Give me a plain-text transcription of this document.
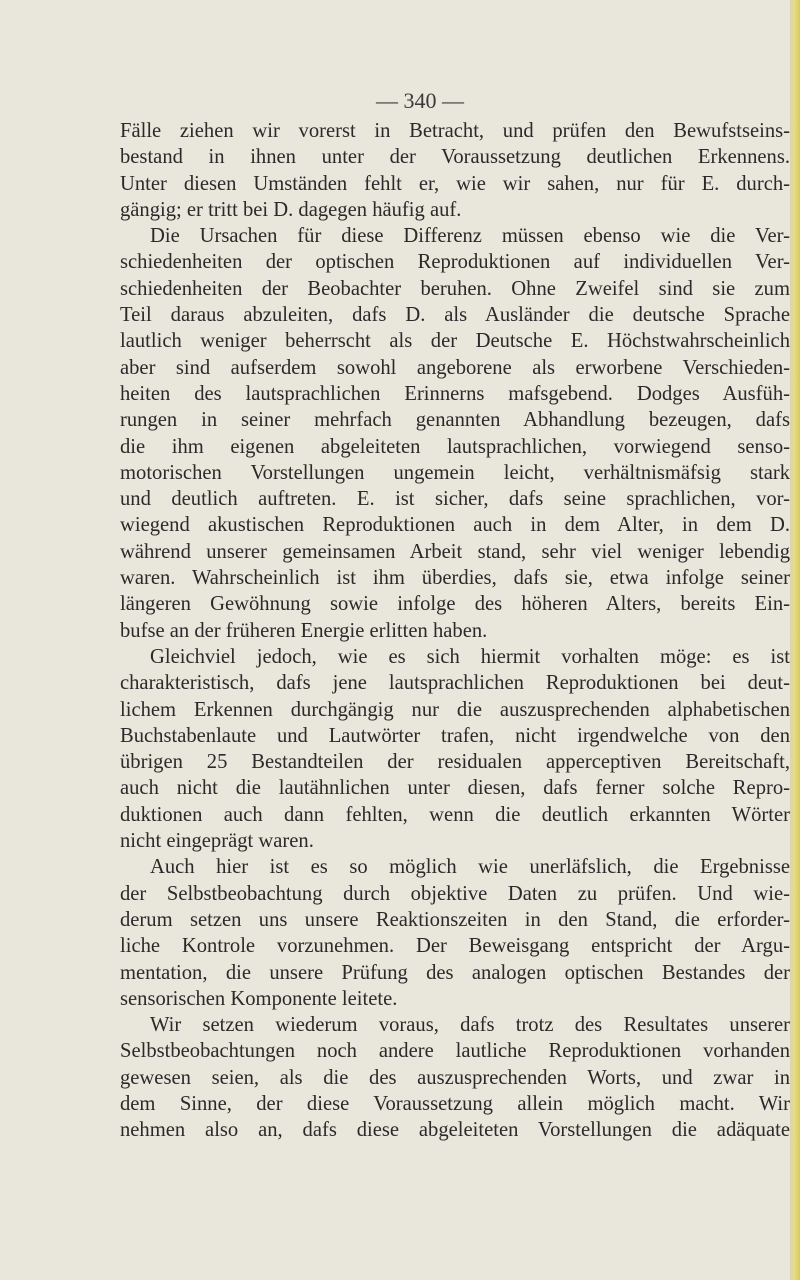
— 340 —
Fälle ziehen wir vorerst in Betracht, und prüfen den Bewufstseins-
bestand in ihnen unter der Voraussetzung deutlichen Erkennens.
Unter diesen Umständen fehlt er, wie wir sahen, nur für E. durch-
gängig; er tritt bei D. dagegen häufig auf.
Die Ursachen für diese Differenz müssen ebenso wie die Ver-
schiedenheiten der optischen Reproduktionen auf individuellen Ver-
schiedenheiten der Beobachter beruhen. Ohne Zweifel sind sie zum
Teil daraus abzuleiten, dafs D. als Ausländer die deutsche Sprache
lautlich weniger beherrscht als der Deutsche E. Höchstwahrscheinlich
aber sind aufserdem sowohl angeborene als erworbene Verschieden-
heiten des lautsprachlichen Erinnerns mafsgebend. Dodges Ausfüh-
rungen in seiner mehrfach genannten Abhandlung bezeugen, dafs
die ihm eigenen abgeleiteten lautsprachlichen, vorwiegend senso-
motorischen Vorstellungen ungemein leicht, verhältnismäfsig stark
und deutlich auftreten. E. ist sicher, dafs seine sprachlichen, vor-
wiegend akustischen Reproduktionen auch in dem Alter, in dem D.
während unserer gemeinsamen Arbeit stand, sehr viel weniger lebendig
waren. Wahrscheinlich ist ihm überdies, dafs sie, etwa infolge seiner
längeren Gewöhnung sowie infolge des höheren Alters, bereits Ein-
bufse an der früheren Energie erlitten haben.
Gleichviel jedoch, wie es sich hiermit vorhalten möge: es ist
charakteristisch, dafs jene lautsprachlichen Reproduktionen bei deut-
lichem Erkennen durchgängig nur die auszusprechenden alphabetischen
Buchstabenlaute und Lautwörter trafen, nicht irgendwelche von den
übrigen 25 Bestandteilen der residualen apperceptiven Bereitschaft,
auch nicht die lautähnlichen unter diesen, dafs ferner solche Repro-
duktionen auch dann fehlten, wenn die deutlich erkannten Wörter
nicht eingeprägt waren.
Auch hier ist es so möglich wie unerläfslich, die Ergebnisse
der Selbstbeobachtung durch objektive Daten zu prüfen. Und wie-
derum setzen uns unsere Reaktionszeiten in den Stand, die erforder-
liche Kontrole vorzunehmen. Der Beweisgang entspricht der Argu-
mentation, die unsere Prüfung des analogen optischen Bestandes der
sensorischen Komponente leitete.
Wir setzen wiederum voraus, dafs trotz des Resultates unserer
Selbstbeobachtungen noch andere lautliche Reproduktionen vorhanden
gewesen seien, als die des auszusprechenden Worts, und zwar in
dem Sinne, der diese Voraussetzung allein möglich macht. Wir
nehmen also an, dafs diese abgeleiteten Vorstellungen die adäquate
